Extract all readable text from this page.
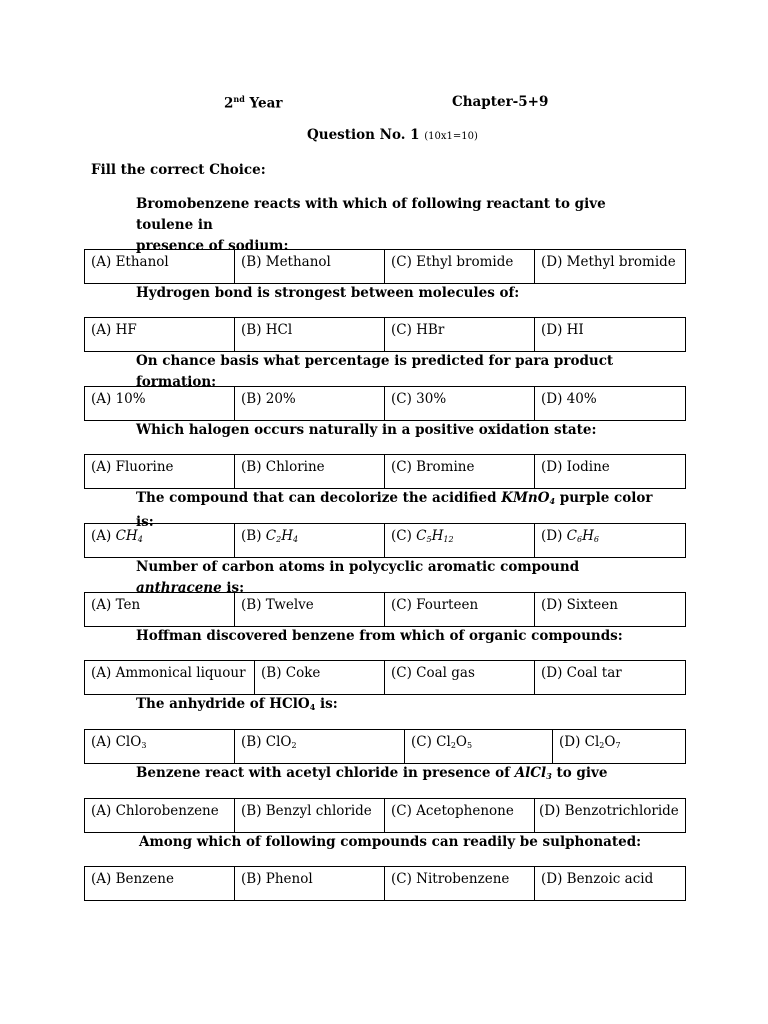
2nd Year	Chapter-5+9
Question No. 1 (10x1=10)
Fill the correct Choice:
Bromobenzene reacts with which of following reactant to give toulene in
presence of sodium:
(A) Ethanol	(B) Methanol	(C) Ethyl bromide	(D) Methyl bromide
Hydrogen bond is strongest between molecules of:
(A) HF	(B) HCl	(C) HBr	(D) HI
On chance basis what percentage is predicted for para product formation:
(A) 10%	(B) 20%	(C) 30%	(D) 40%
Which halogen occurs naturally in a positive oxidation state:
(A) Fluorine	(B) Chlorine	(C) Bromine	(D) Iodine
The compound that can decolorize the acidified KMnO$_4$ purple color is:
(A) $CH_4$	(B) $C_2H_4$	(C) $C_5H_{12}$	(D) $C_6H_6$
Number of carbon atoms in polycyclic aromatic compound anthracene is:
(A) Ten	(B) Twelve	(C) Fourteen	(D) Sixteen
Hoffman discovered benzene from which of organic compounds:
(A) Ammonical liquour	(B) Coke	(C) Coal gas	(D) Coal tar
The anhydride of HClO$_4$ is:
(A) ClO$_3$	(B) ClO$_2$	(C) $Cl_2O_5$	(D) $Cl_2O_7$
Benzene react with acetyl chloride in presence of AlCl$_3$ to give
(A) Chlorobenzene	(B) Benzyl chloride	(C) Acetophenone	(D) Benzotrichloride
Among which of following compounds can readily be sulphonated:
(A) Benzene	(B) Phenol	(C) Nitrobenzene	(D) Benzoic acid
